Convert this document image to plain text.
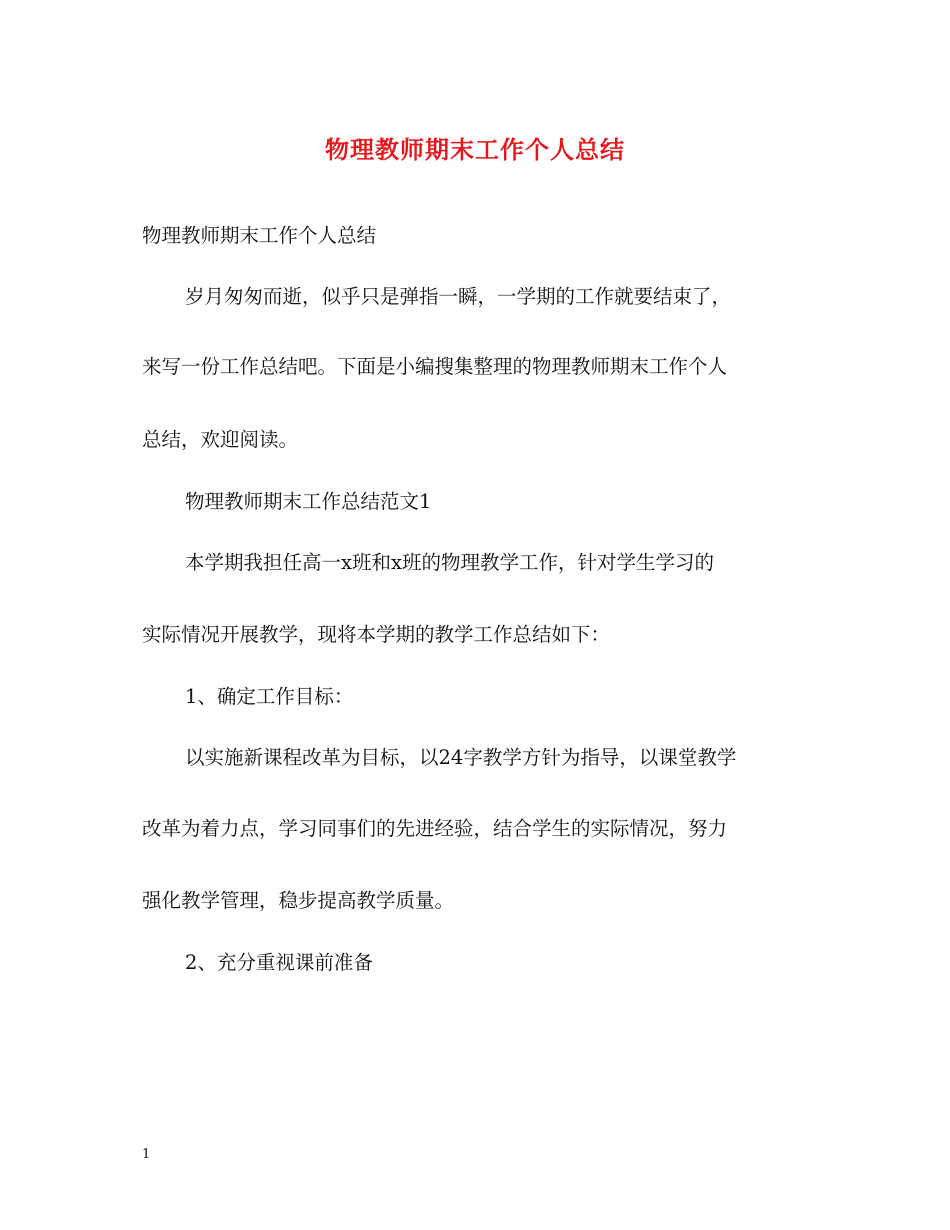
物理教师期末工作个人总结
物理教师期末工作个人总结
岁月匆匆而逝，似乎只是弹指一瞬，一学期的工作就要结束了，
来写一份工作总结吧。下面是小编搜集整理的物理教师期末工作个人
总结，欢迎阅读。
物理教师期末工作总结范文1
本学期我担任高一x班和x班的物理教学工作，针对学生学习的
实际情况开展教学，现将本学期的教学工作总结如下：
1、确定工作目标：
以实施新课程改革为目标，以24字教学方针为指导，以课堂教学
改革为着力点，学习同事们的先进经验，结合学生的实际情况，努力
强化教学管理，稳步提高教学质量。
2、充分重视课前准备
1
